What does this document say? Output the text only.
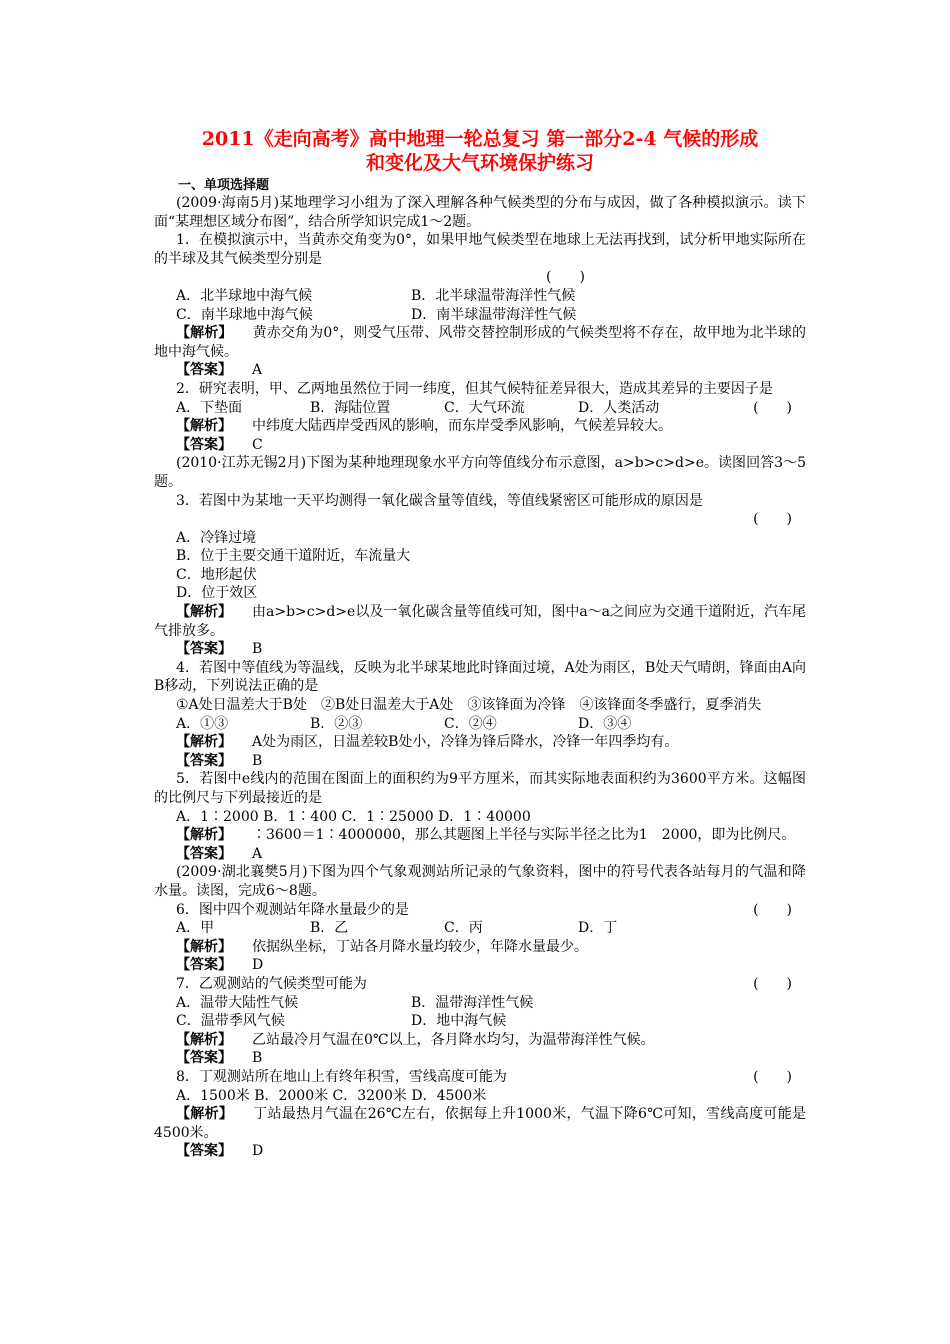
2011《走向高考》高中地理一轮总复习 第一部分2-4 气候的形成
和变化及大气环境保护练习
一、单项选择题

(2009·海南5月)某地理学习小组为了深入理解各种气候类型的分布与成因，做了各种模拟演示。读下面“某理想区域分布图”，结合所学知识完成1～2题。

1．在模拟演示中，当黄赤交角变为0°，如果甲地气候类型在地球上无法再找到，试分析甲地实际所在的半球及其气候类型分别是

(　　)

A．北半球地中海气候	B．北半球温带海洋性气候
C．南半球地中海气候	D．南半球温带海洋性气候

【解析】 黄赤交角为0°，则受气压带、风带交替控制形成的气候类型将不存在，故甲地为北半球的地中海气候。

【答案】 A

2．研究表明，甲、乙两地虽然位于同一纬度，但其气候特征差异很大，造成其差异的主要因子是

A．下垫面	B．海陆位置	C．大气环流	D．人类活动	(　　)

【解析】 中纬度大陆西岸受西风的影响，而东岸受季风影响，气候差异较大。

【答案】 C

(2010·江苏无锡2月)下图为某种地理现象水平方向等值线分布示意图，a>b>c>d>e。读图回答3～5题。

3．若图中为某地一天平均测得一氧化碳含量等值线，等值线紧密区可能形成的原因是

(　　)
A．冷锋过境
B．位于主要交通干道附近，车流量大
C．地形起伏
D．位于效区

【解析】 由a>b>c>d>e以及一氧化碳含量等值线可知，图中a～a之间应为交通干道附近，汽车尾气排放多。

【答案】 B

4．若图中等值线为等温线，反映为北半球某地此时锋面过境，A处为雨区，B处天气晴朗，锋面由A向B移动，下列说法正确的是

①A处日温差大于B处　②B处日温差大于A处　③该锋面为冷锋　④该锋面冬季盛行，夏季消失

A．①③	B．②③	C．②④	D．③④

【解析】 A处为雨区，日温差较B处小，冷锋为锋后降水，冷锋一年四季均有。

【答案】 B

5．若图中e线内的范围在图面上的面积约为9平方厘米，而其实际地表面积约为3600平方米。这幅图的比例尺与下列最接近的是

A．1∶2000 B．1∶400 C．1∶25000 D．1∶40000

【解析】 ∶3600＝1∶4000000，那么其题图上半径与实际半径之比为1　2000，即为比例尺。

【答案】 A

(2009·湖北襄樊5月)下图为四个气象观测站所记录的气象资料，图中的符号代表各站每月的气温和降水量。读图，完成6～8题。

6．图中四个观测站年降水量最少的是	(　　)
A．甲	B．乙	C．丙	D．丁

【解析】 依据纵坐标，丁站各月降水量均较少，年降水量最少。

【答案】 D
7．乙观测站的气候类型可能为	(　　)
A．温带大陆性气候	B．温带海洋性气候
C．温带季风气候	D．地中海气候

【解析】 乙站最冷月气温在0℃以上，各月降水均匀，为温带海洋性气候。

【答案】 B
8．丁观测站所在地山上有终年积雪，雪线高度可能为	(　　)
A．1500米 B．2000米 C．3200米 D．4500米

【解析】 丁站最热月气温在26℃左右，依据每上升1000米，气温下降6℃可知，雪线高度可能是4500米。

【答案】 D
